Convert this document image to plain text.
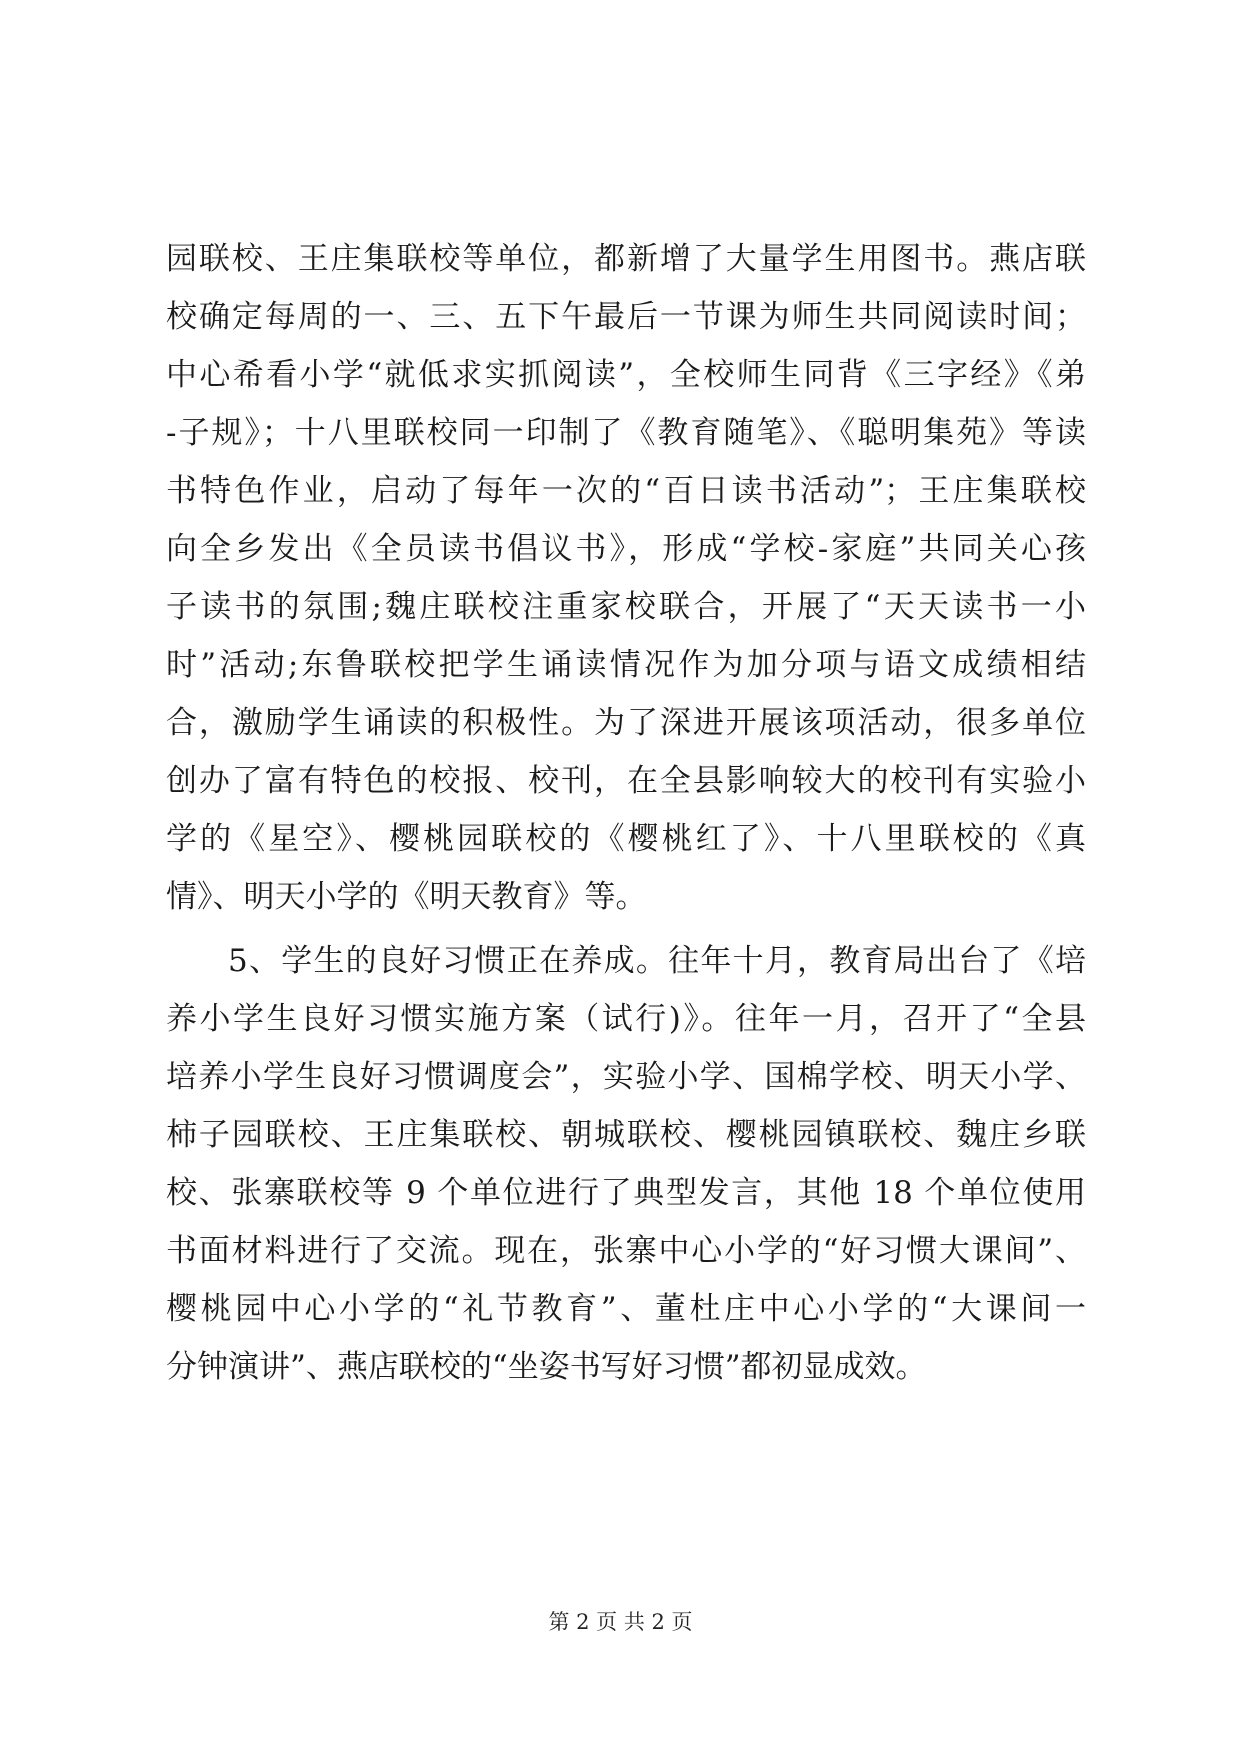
园联校、王庄集联校等单位，都新增了大量学生用图书。燕店联
校确定每周的一、三、五下午最后一节课为师生共同阅读时间；
中心希看小学“就低求实抓阅读”，全校师生同背《三字经》《弟
-子规》；十八里联校同一印制了《教育随笔》、《聪明集苑》等读
书特色作业，启动了每年一次的“百日读书活动”；王庄集联校
向全乡发出《全员读书倡议书》，形成“学校-家庭”共同关心孩
子读书的氛围;魏庄联校注重家校联合，开展了“天天读书一小
时”活动;东鲁联校把学生诵读情况作为加分项与语文成绩相结
合，激励学生诵读的积极性。为了深进开展该项活动，很多单位
创办了富有特色的校报、校刊，在全县影响较大的校刊有实验小
学的《星空》、樱桃园联校的《樱桃红了》、十八里联校的《真
情》、明天小学的《明天教育》等。
5、学生的良好习惯正在养成。往年十月，教育局出台了《培
养小学生良好习惯实施方案（试行)》。往年一月，召开了“全县
培养小学生良好习惯调度会”，实验小学、国棉学校、明天小学、
柿子园联校、王庄集联校、朝城联校、樱桃园镇联校、魏庄乡联
校、张寨联校等 9 个单位进行了典型发言，其他 18 个单位使用
书面材料进行了交流。现在，张寨中心小学的“好习惯大课间”、
樱桃园中心小学的“礼节教育”、董杜庄中心小学的“大课间一
分钟演讲”、燕店联校的“坐姿书写好习惯”都初显成效。
第 2 页 共 2 页
